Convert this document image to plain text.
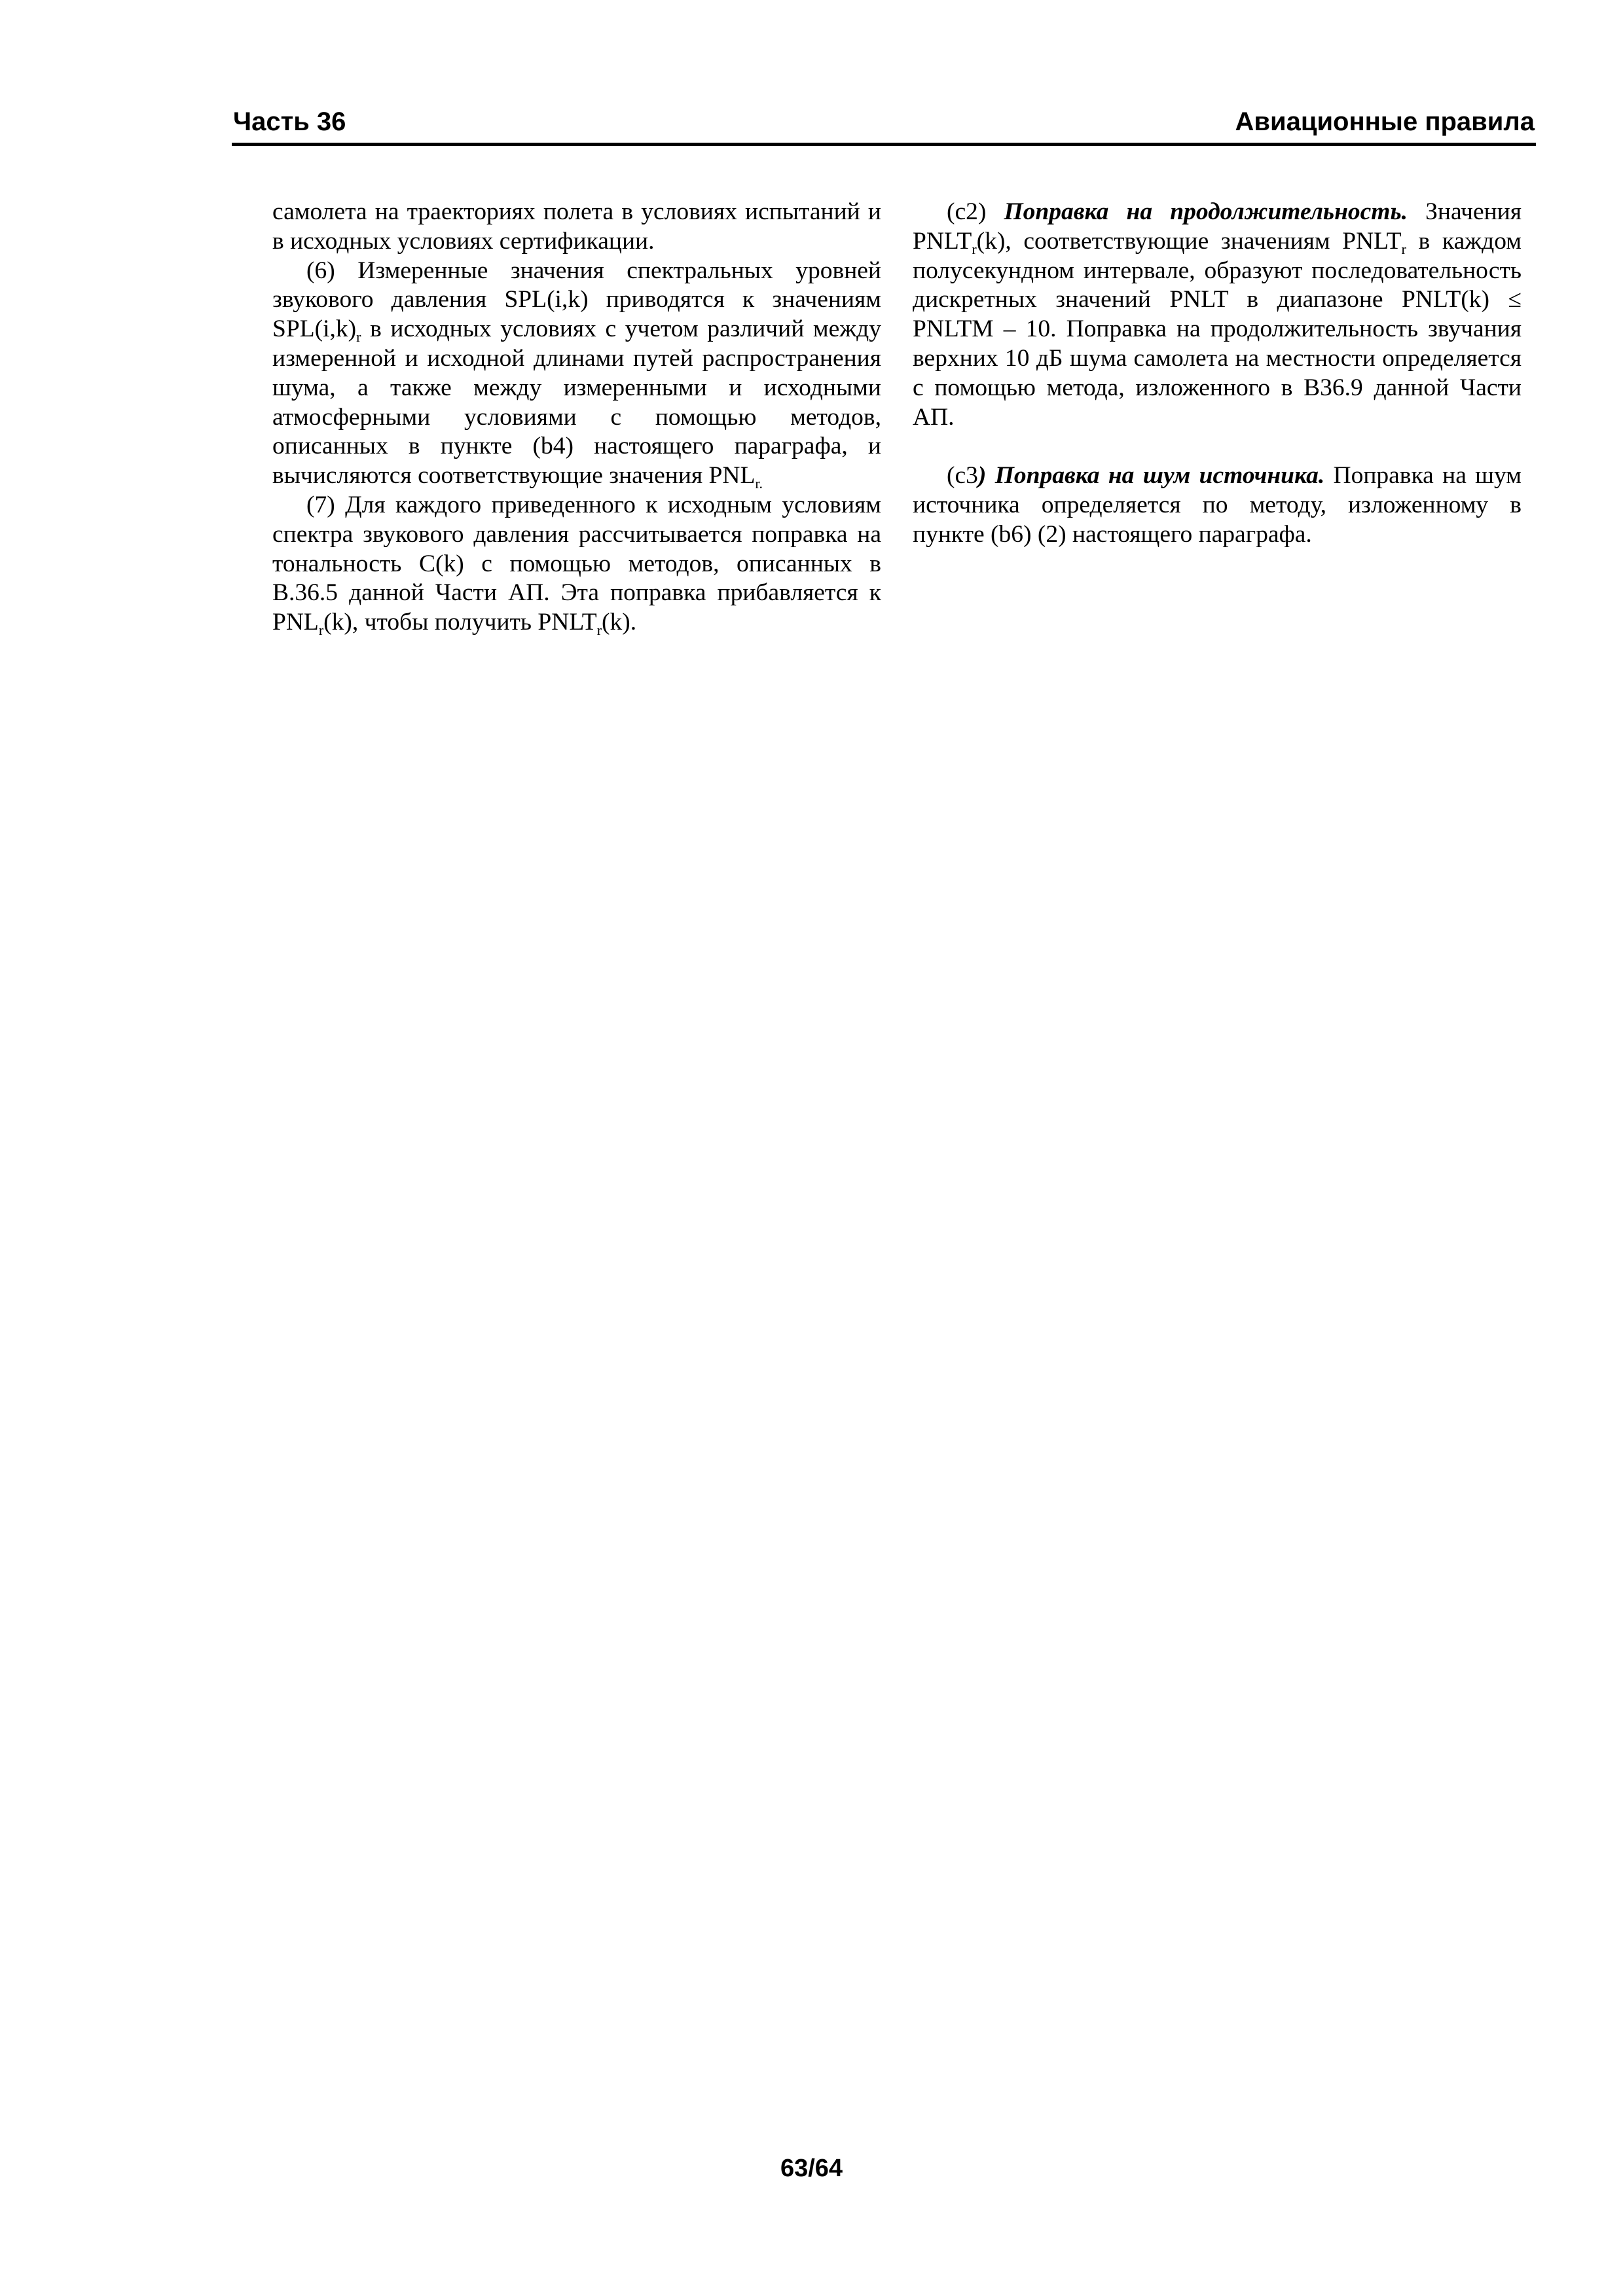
Часть 36	Авиационные правила

самолета на траекториях полета в условиях испытаний и в исходных условиях сертификации.

(6) Измеренные значения спектральных уровней звукового давления SPL(i,k) приводятся к значениям $SPL(i,k)_r$ в исходных условиях с учетом различий между измеренной и исходной длинами путей распространения шума, а также между измеренными и исходными атмосферными условиями с помощью методов, описанных в пункте (b4) настоящего параграфа, и вычисляются соответствующие значения $PNL_{r.}$

(7) Для каждого приведенного к исходным условиям спектра звукового давления рассчитывается поправка на тональность C(k) с помощью методов, описанных в В.36.5 данной Части АП. Эта поправка прибавляется к $PNL_r(k)$, чтобы получить $PNLT_r(k)$.

(c2) Поправка на продолжительность. Значения $PNLT_r(k)$, соответствующие значениям $PNLT_r$ в каждом полусекундном интервале, образуют последовательность дискретных значений PNLT в диапазоне PNLT(k) ≤ PNLTM – 10. Поправка на продолжительность звучания верхних 10 дБ шума самолета на местности определяется с помощью метода, изложенного в В36.9 данной Части АП.

(c3) Поправка на шум источника. Поправка на шум источника определяется по методу, изложенному в пункте (b6) (2) настоящего параграфа.

63/64
